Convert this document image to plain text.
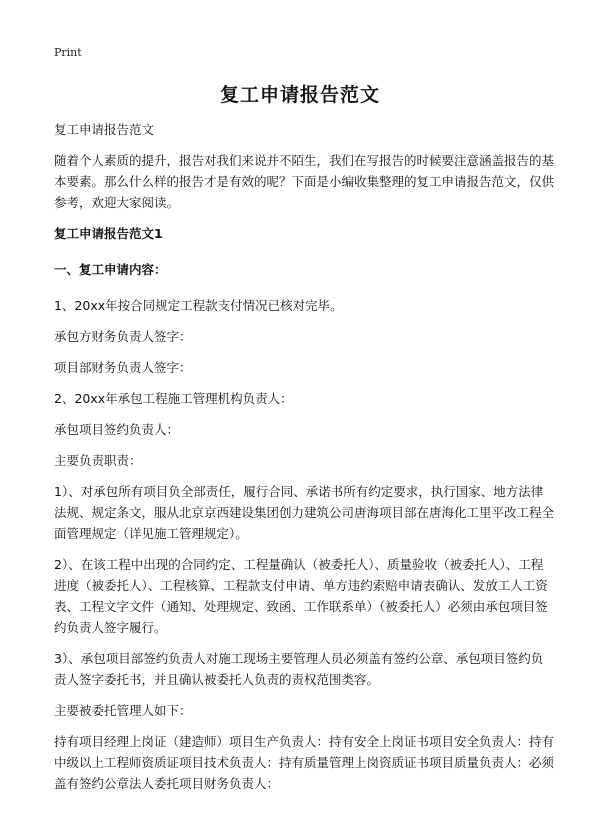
Print
复工申请报告范文

复工申请报告范文

随着个人素质的提升，报告对我们来说并不陌生，我们在写报告的时候要注意涵盖报告的基本要素。那么什么样的报告才是有效的呢？下面是小编收集整理的复工申请报告范文，仅供参考，欢迎大家阅读。

复工申请报告范文1

一、复工申请内容：

1、20xx年按合同规定工程款支付情况已核对完毕。

承包方财务负责人签字：

项目部财务负责人签字：

2、20xx年承包工程施工管理机构负责人：

承包项目签约负责人：

主要负责职责：

1）、对承包所有项目负全部责任，履行合同、承诺书所有约定要求，执行国家、地方法律法规、规定条文，服从北京京西建设集团创力建筑公司唐海项目部在唐海化工里平改工程全面管理规定（详见施工管理规定）。

2）、在该工程中出现的合同约定、工程量确认（被委托人）、质量验收（被委托人）、工程进度（被委托人）、工程核算、工程款支付申请、单方违约索赔申请表确认、发放工人工资表、工程文字文件（通知、处理规定、致函、工作联系单）（被委托人）必须由承包项目签约负责人签字履行。

3）、承包项目部签约负责人对施工现场主要管理人员必须盖有签约公章、承包项目签约负责人签字委托书，并且确认被委托人负责的责权范围类容。

主要被委托管理人如下：

持有项目经理上岗证（建造师）项目生产负责人：持有安全上岗证书项目安全负责人：持有中级以上工程师资质证项目技术负责人：持有质量管理上岗资质证书项目质量负责人：必须盖有签约公章法人委托项目财务负责人：
